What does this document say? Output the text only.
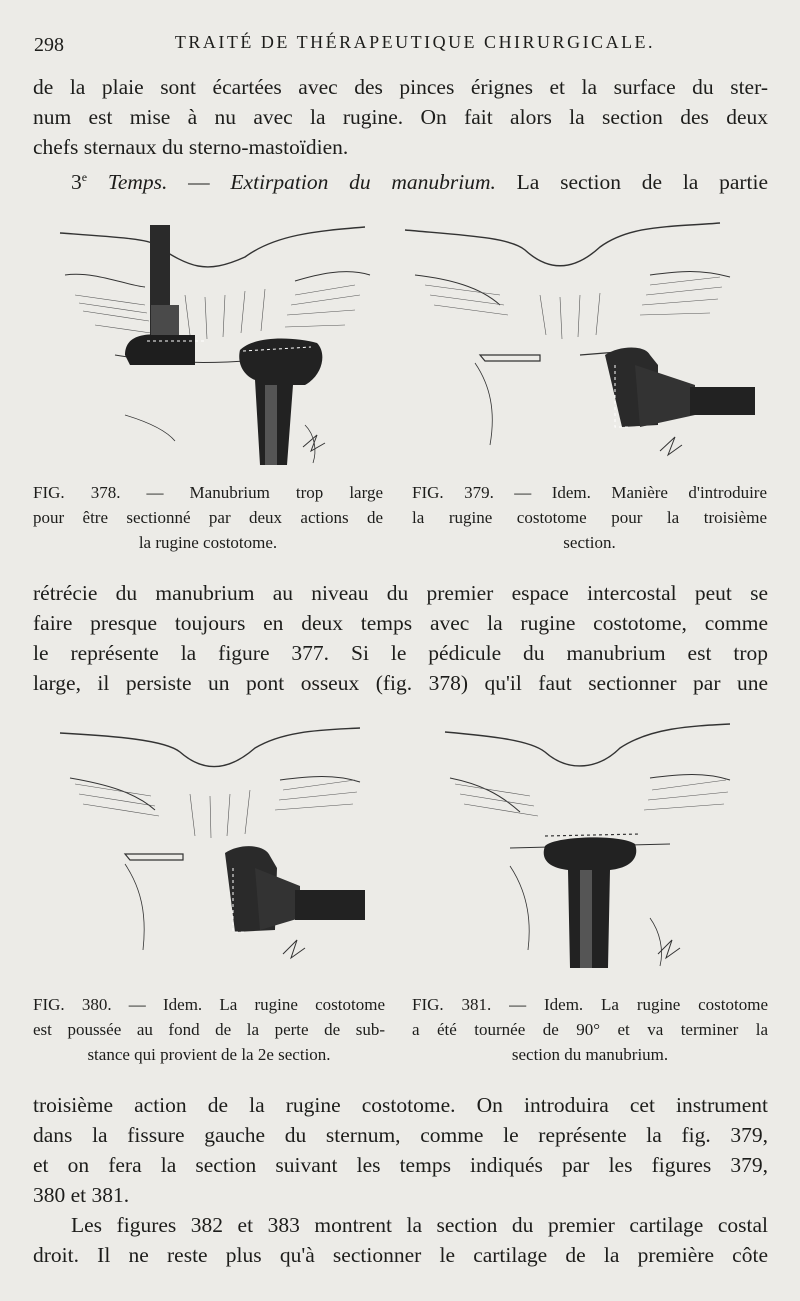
298	TRAITÉ DE THÉRAPEUTIQUE CHIRURGICALE.

de la plaie sont écartées avec des pinces érignes et la surface du ster-
num est mise à nu avec la rugine. On fait alors la section des deux
chefs sternaux du sterno-mastoïdien.
3e Temps. — Extirpation du manubrium. La section de la partie

FIG. 378. — Manubrium trop large
pour être sectionné par deux actions de
la rugine costotome.
FIG. 379. — Idem. Manière d'introduire
la rugine costotome pour la troisième
section.

rétrécie du manubrium au niveau du premier espace intercostal peut se
faire presque toujours en deux temps avec la rugine costotome, comme
le représente la figure 377. Si le pédicule du manubrium est trop
large, il persiste un pont osseux (fig. 378) qu'il faut sectionner par une

FIG. 380. — Idem. La rugine costotome
est poussée au fond de la perte de sub-
stance qui provient de la 2e section.
FIG. 381. — Idem. La rugine costotome
a été tournée de 90° et va terminer la
section du manubrium.

troisième action de la rugine costotome. On introduira cet instrument
dans la fissure gauche du sternum, comme le représente la fig. 379,
et on fera la section suivant les temps indiqués par les figures 379,
380 et 381.

Les figures 382 et 383 montrent la section du premier cartilage costal
droit. Il ne reste plus qu'à sectionner le cartilage de la première côte
